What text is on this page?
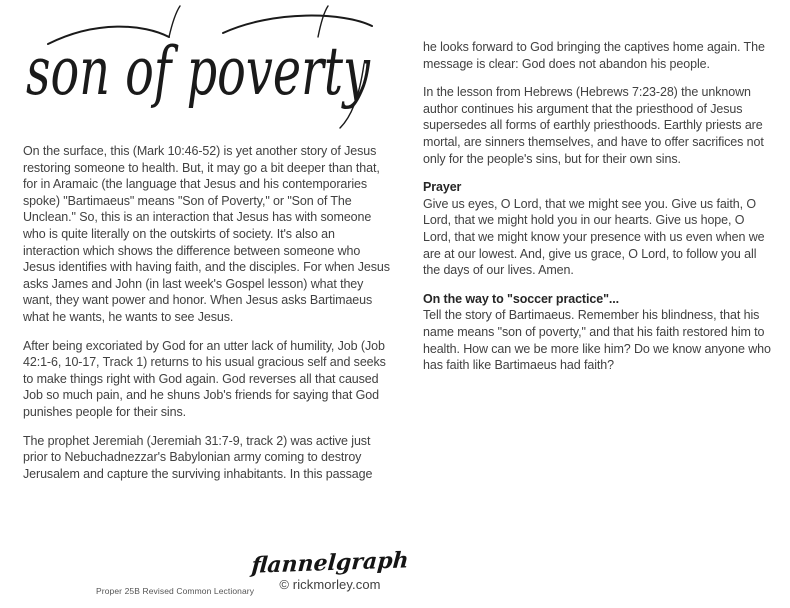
son of poverty

On the surface, this (Mark 10:46-52) is yet another story of Jesus restoring someone to health. But, it may go a bit deeper than that, for in Aramaic (the language that Jesus and his contemporaries spoke) "Bartimaeus" means "Son of Poverty," or "Son of The Unclean." So, this is an interaction that Jesus has with someone who is quite literally on the outskirts of society. It's also an interaction which shows the difference between someone who Jesus identifies with having faith, and the disciples. For when Jesus asks James and John (in last week's Gospel lesson) what they want, they want power and honor. When Jesus asks Bartimaeus what he wants, he wants to see Jesus.

After being excoriated by God for an utter lack of humility, Job (Job 42:1-6, 10-17, Track 1) returns to his usual gracious self and seeks to make things right with God again. God reverses all that caused Job so much pain, and he shuns Job's friends for saying that God punishes people for their sins.

The prophet Jeremiah (Jeremiah 31:7-9, track 2) was active just prior to Nebuchadnezzar's Babylonian army coming to destroy Jerusalem and capture the surviving inhabitants. In this passage

he looks forward to God bringing the captives home again. The message is clear: God does not abandon his people.

In the lesson from Hebrews (Hebrews 7:23-28) the unknown author continues his argument that the priesthood of Jesus supersedes all forms of earthly priesthoods. Earthly priests are mortal, are sinners themselves, and have to offer sacrifices not only for the people's sins, but for their own sins.

Prayer

Give us eyes, O Lord, that we might see you. Give us faith, O Lord, that we might hold you in our hearts. Give us hope, O Lord, that we might know your presence with us even when we are at our lowest. And, give us grace, O Lord, to follow you all the days of our lives. Amen.

On the way to "soccer practice"...

Tell the story of Bartimaeus. Remember his blindness, that his name means "son of poverty," and that his faith restored him to health. How can we be more like him? Do we know anyone who has faith like Bartimaeus had faith?

Proper 25B Revised Common Lectionary
flannelgraph
© rickmorley.com
